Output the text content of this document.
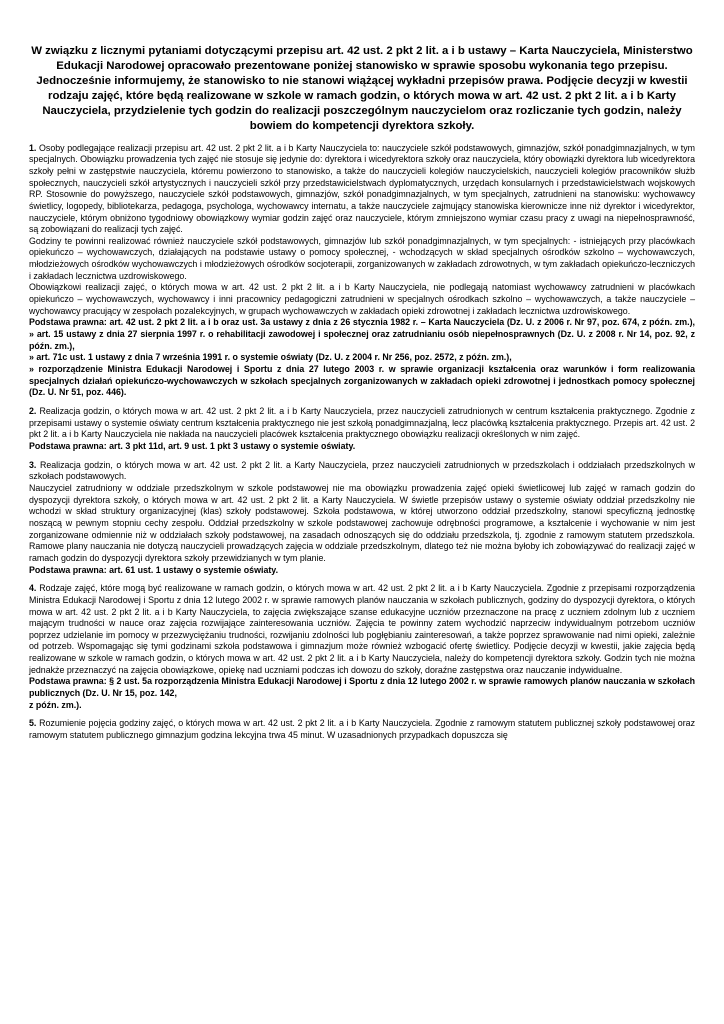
W związku z licznymi pytaniami dotyczącymi przepisu art. 42 ust. 2 pkt 2 lit. a i b ustawy – Karta Nauczyciela, Ministerstwo Edukacji Narodowej opracowało prezentowane poniżej stanowisko w sprawie sposobu wykonania tego przepisu. Jednocześnie informujemy, że stanowisko to nie stanowi wiążącej wykładni przepisów prawa. Podjęcie decyzji w kwestii rodzaju zajęć, które będą realizowane w szkole w ramach godzin, o których mowa w art. 42 ust. 2 pkt 2 lit. a i b Karty Nauczyciela, przydzielenie tych godzin do realizacji poszczególnym nauczycielom oraz rozliczanie tych godzin, należy bowiem do kompetencji dyrektora szkoły.

1. Osoby podlegające realizacji przepisu art. 42 ust. 2 pkt 2 lit. a i b Karty Nauczyciela to: nauczyciele szkół podstawowych, gimnazjów, szkół ponadgimnazjalnych, w tym specjalnych. Obowiązku prowadzenia tych zajęć nie stosuje się jedynie do: dyrektora i wicedyrektora szkoły oraz nauczyciela, który obowiązki dyrektora lub wicedyrektora szkoły pełni w zastępstwie nauczyciela, któremu powierzono to stanowisko, a także do nauczycieli kolegiów nauczycielskich, nauczycieli kolegiów pracowników służb społecznych, nauczycieli szkół artystycznych i nauczycieli szkół przy przedstawicielstwach dyplomatycznych, urzędach konsularnych i przedstawicielstwach wojskowych RP. Stosownie do powyższego, nauczyciele szkół podstawowych, gimnazjów, szkół ponadgimnazjalnych, w tym specjalnych, zatrudnieni na stanowisku: wychowawcy świetlicy, logopedy, bibliotekarza, pedagoga, psychologa, wychowawcy internatu, a także nauczyciele zajmujący stanowiska kierownicze inne niż dyrektor i wicedyrektor, nauczyciele, którym obniżono tygodniowy obowiązkowy wymiar godzin zajęć oraz nauczyciele, którym zmniejszono wymiar czasu pracy z uwagi na niepełnosprawność, są zobowiązani do realizacji tych zajęć.

Godziny te powinni realizować również nauczyciele szkół podstawowych, gimnazjów lub szkół ponadgimnazjalnych, w tym specjalnych: - istniejących przy placówkach opiekuńczo – wychowawczych, działających na podstawie ustawy o pomocy społecznej, - wchodzących w skład specjalnych ośrodków szkolno – wychowawczych, młodzieżowych ośrodków wychowawczych i młodzieżowych ośrodków socjoterapii, zorganizowanych w zakładach zdrowotnych, w tym zakładach opiekuńczo-leczniczych i zakładach lecznictwa uzdrowiskowego.

Obowiązkowi realizacji zajęć, o których mowa w art. 42 ust. 2 pkt 2 lit. a i b Karty Nauczyciela, nie podlegają natomiast wychowawcy zatrudnieni w placówkach opiekuńczo – wychowawczych, wychowawcy i inni pracownicy pedagogiczni zatrudnieni w specjalnych ośrodkach szkolno – wychowawczych, a także nauczyciele – wychowawcy pracujący w zespołach pozalekcyjnych, w grupach wychowawczych w zakładach opieki zdrowotnej i zakładach lecznictwa uzdrowiskowego.

Podstawa prawna: art. 42 ust. 2 pkt 2 lit. a i b oraz ust. 3a ustawy z dnia z 26 stycznia 1982 r. – Karta Nauczyciela (Dz. U. z 2006 r. Nr 97, poz. 674, z późn. zm.), » art. 15 ustawy z dnia 27 sierpnia 1997 r. o rehabilitacji zawodowej i społecznej oraz zatrudnianiu osób niepełnosprawnych (Dz. U. z 2008 r. Nr 14, poz. 92, z późn. zm.),

» art. 71c ust. 1 ustawy z dnia 7 września 1991 r. o systemie oświaty (Dz. U. z 2004 r. Nr 256, poz. 2572, z późn. zm.),

» rozporządzenie Ministra Edukacji Narodowej i Sportu z dnia 27 lutego 2003 r. w sprawie organizacji kształcenia oraz warunków i form realizowania specjalnych działań opiekuńczo-wychowawczych w szkołach specjalnych zorganizowanych w zakładach opieki zdrowotnej i jednostkach pomocy społecznej (Dz. U. Nr 51, poz. 446).

2. Realizacja godzin, o których mowa w art. 42 ust. 2 pkt 2 lit. a i b Karty Nauczyciela, przez nauczycieli zatrudnionych w centrum kształcenia praktycznego. Zgodnie z przepisami ustawy o systemie oświaty centrum kształcenia praktycznego nie jest szkołą ponadgimnazjalną, lecz placówką kształcenia praktycznego. Przepis art. 42 ust. 2 pkt 2 lit. a i b Karty Nauczyciela nie nakłada na nauczycieli placówek kształcenia praktycznego obowiązku realizacji określonych w nim zajęć.

Podstawa prawna: art. 3 pkt 11d, art. 9 ust. 1 pkt 3 ustawy o systemie oświaty.

3. Realizacja godzin, o których mowa w art. 42 ust. 2 pkt 2 lit. a Karty Nauczyciela, przez nauczycieli zatrudnionych w przedszkolach i oddziałach przedszkolnych w szkołach podstawowych.

Nauczyciel zatrudniony w oddziale przedszkolnym w szkole podstawowej nie ma obowiązku prowadzenia zajęć opieki świetlicowej lub zajęć w ramach godzin do dyspozycji dyrektora szkoły, o których mowa w art. 42 ust. 2 pkt 2 lit. a Karty Nauczyciela. W świetle przepisów ustawy o systemie oświaty oddział przedszkolny nie wchodzi w skład struktury organizacyjnej (klas) szkoły podstawowej. Szkoła podstawowa, w której utworzono oddział przedszkolny, stanowi specyficzną jednostkę noszącą w pewnym stopniu cechy zespołu. Oddział przedszkolny w szkole podstawowej zachowuje odrębności programowe, a kształcenie i wychowanie w nim jest zorganizowane odmiennie niż w oddziałach szkoły podstawowej, na zasadach odnoszących się do oddziału przedszkola, tj. zgodnie z ramowym statutem przedszkola. Ramowe plany nauczania nie dotyczą nauczycieli prowadzących zajęcia w oddziale przedszkolnym, dlatego też nie można byłoby ich zobowiązywać do realizacji zajęć w ramach godzin do dyspozycji dyrektora szkoły przewidzianych w tym planie.

Podstawa prawna: art. 61 ust. 1 ustawy o systemie oświaty.

4. Rodzaje zajęć, które mogą być realizowane w ramach godzin, o których mowa w art. 42 ust. 2 pkt 2 lit. a i b Karty Nauczyciela. Zgodnie z przepisami rozporządzenia Ministra Edukacji Narodowej i Sportu z dnia 12 lutego 2002 r. w sprawie ramowych planów nauczania w szkołach publicznych, godziny do dyspozycji dyrektora, o których mowa w art. 42 ust. 2 pkt 2 lit. a i b Karty Nauczyciela, to zajęcia zwiększające szanse edukacyjne uczniów przeznaczone na pracę z uczniem zdolnym lub z uczniem mającym trudności w nauce oraz zajęcia rozwijające zainteresowania uczniów. Zajęcia te powinny zatem wychodzić naprzeciw indywidualnym potrzebom uczniów poprzez udzielanie im pomocy w przezwyciężaniu trudności, rozwijaniu zdolności lub pogłębianiu zainteresowań, a także poprzez sprawowanie nad nimi opieki, zależnie od potrzeb. Wspomagając się tymi godzinami szkoła podstawowa i gimnazjum może również wzbogacić ofertę świetlicy. Podjęcie decyzji w kwestii, jakie zajęcia będą realizowane w szkole w ramach godzin, o których mowa w art. 42 ust. 2 pkt 2 lit. a i b Karty Nauczyciela, należy do kompetencji dyrektora szkoły. Godzin tych nie można jednakże przeznaczyć na zajęcia obowiązkowe, opiekę nad uczniami podczas ich dowozu do szkoły, doraźne zastępstwa oraz nauczanie indywidualne.

Podstawa prawna: § 2 ust. 5a rozporządzenia Ministra Edukacji Narodowej i Sportu z dnia 12 lutego 2002 r. w sprawie ramowych planów nauczania w szkołach publicznych (Dz. U. Nr 15, poz. 142,

z późn. zm.).

5. Rozumienie pojęcia godziny zajęć, o których mowa w art. 42 ust. 2 pkt 2 lit. a i b Karty Nauczyciela. Zgodnie z ramowym statutem publicznej szkoły podstawowej oraz ramowym statutem publicznego gimnazjum godzina lekcyjna trwa 45 minut. W uzasadnionych przypadkach dopuszcza się
